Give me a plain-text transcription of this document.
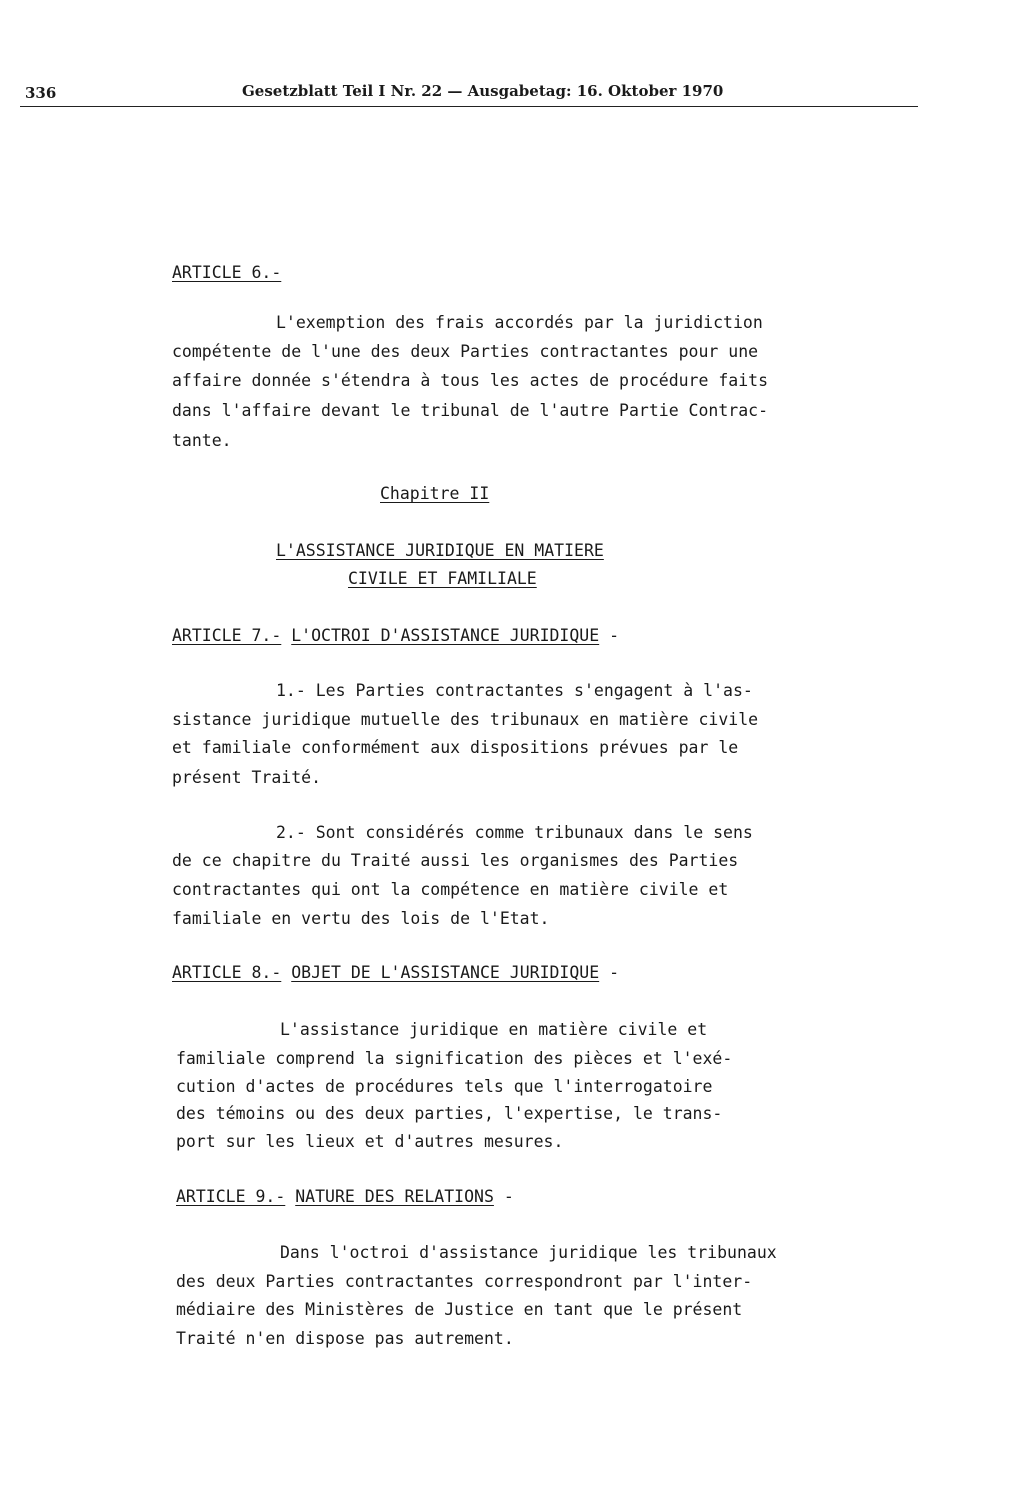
336	Gesetzblatt Teil I Nr. 22 — Ausgabetag: 16. Oktober 1970
ARTICLE 6.-
L'exemption des frais accordés par la juridiction
compétente de l'une des deux Parties contractantes pour une
affaire donnée s'étendra à tous les actes de procédure faits
dans l'affaire devant le tribunal de l'autre Partie Contrac-
tante.
Chapitre II
L'ASSISTANCE JURIDIQUE EN MATIERE
CIVILE ET FAMILIALE
ARTICLE 7.- L'OCTROI D'ASSISTANCE JURIDIQUE -
1.- Les Parties contractantes s'engagent à l'as-
sistance juridique mutuelle des tribunaux en matière civile
et familiale conformément aux dispositions prévues par le
présent Traité.
2.- Sont considérés comme tribunaux dans le sens
de ce chapitre du Traité aussi les organismes des Parties
contractantes qui ont la compétence en matière civile et
familiale en vertu des lois de l'Etat.
ARTICLE 8.- OBJET DE L'ASSISTANCE JURIDIQUE -
L'assistance juridique en matière civile et
familiale comprend la signification des pièces et l'exé-
cution d'actes de procédures tels que l'interrogatoire
des témoins ou des deux parties, l'expertise, le trans-
port sur les lieux et d'autres mesures.
ARTICLE 9.- NATURE DES RELATIONS -
Dans l'octroi d'assistance juridique les tribunaux
des deux Parties contractantes correspondront par l'inter-
médiaire des Ministères de Justice en tant que le présent
Traité n'en dispose pas autrement.
